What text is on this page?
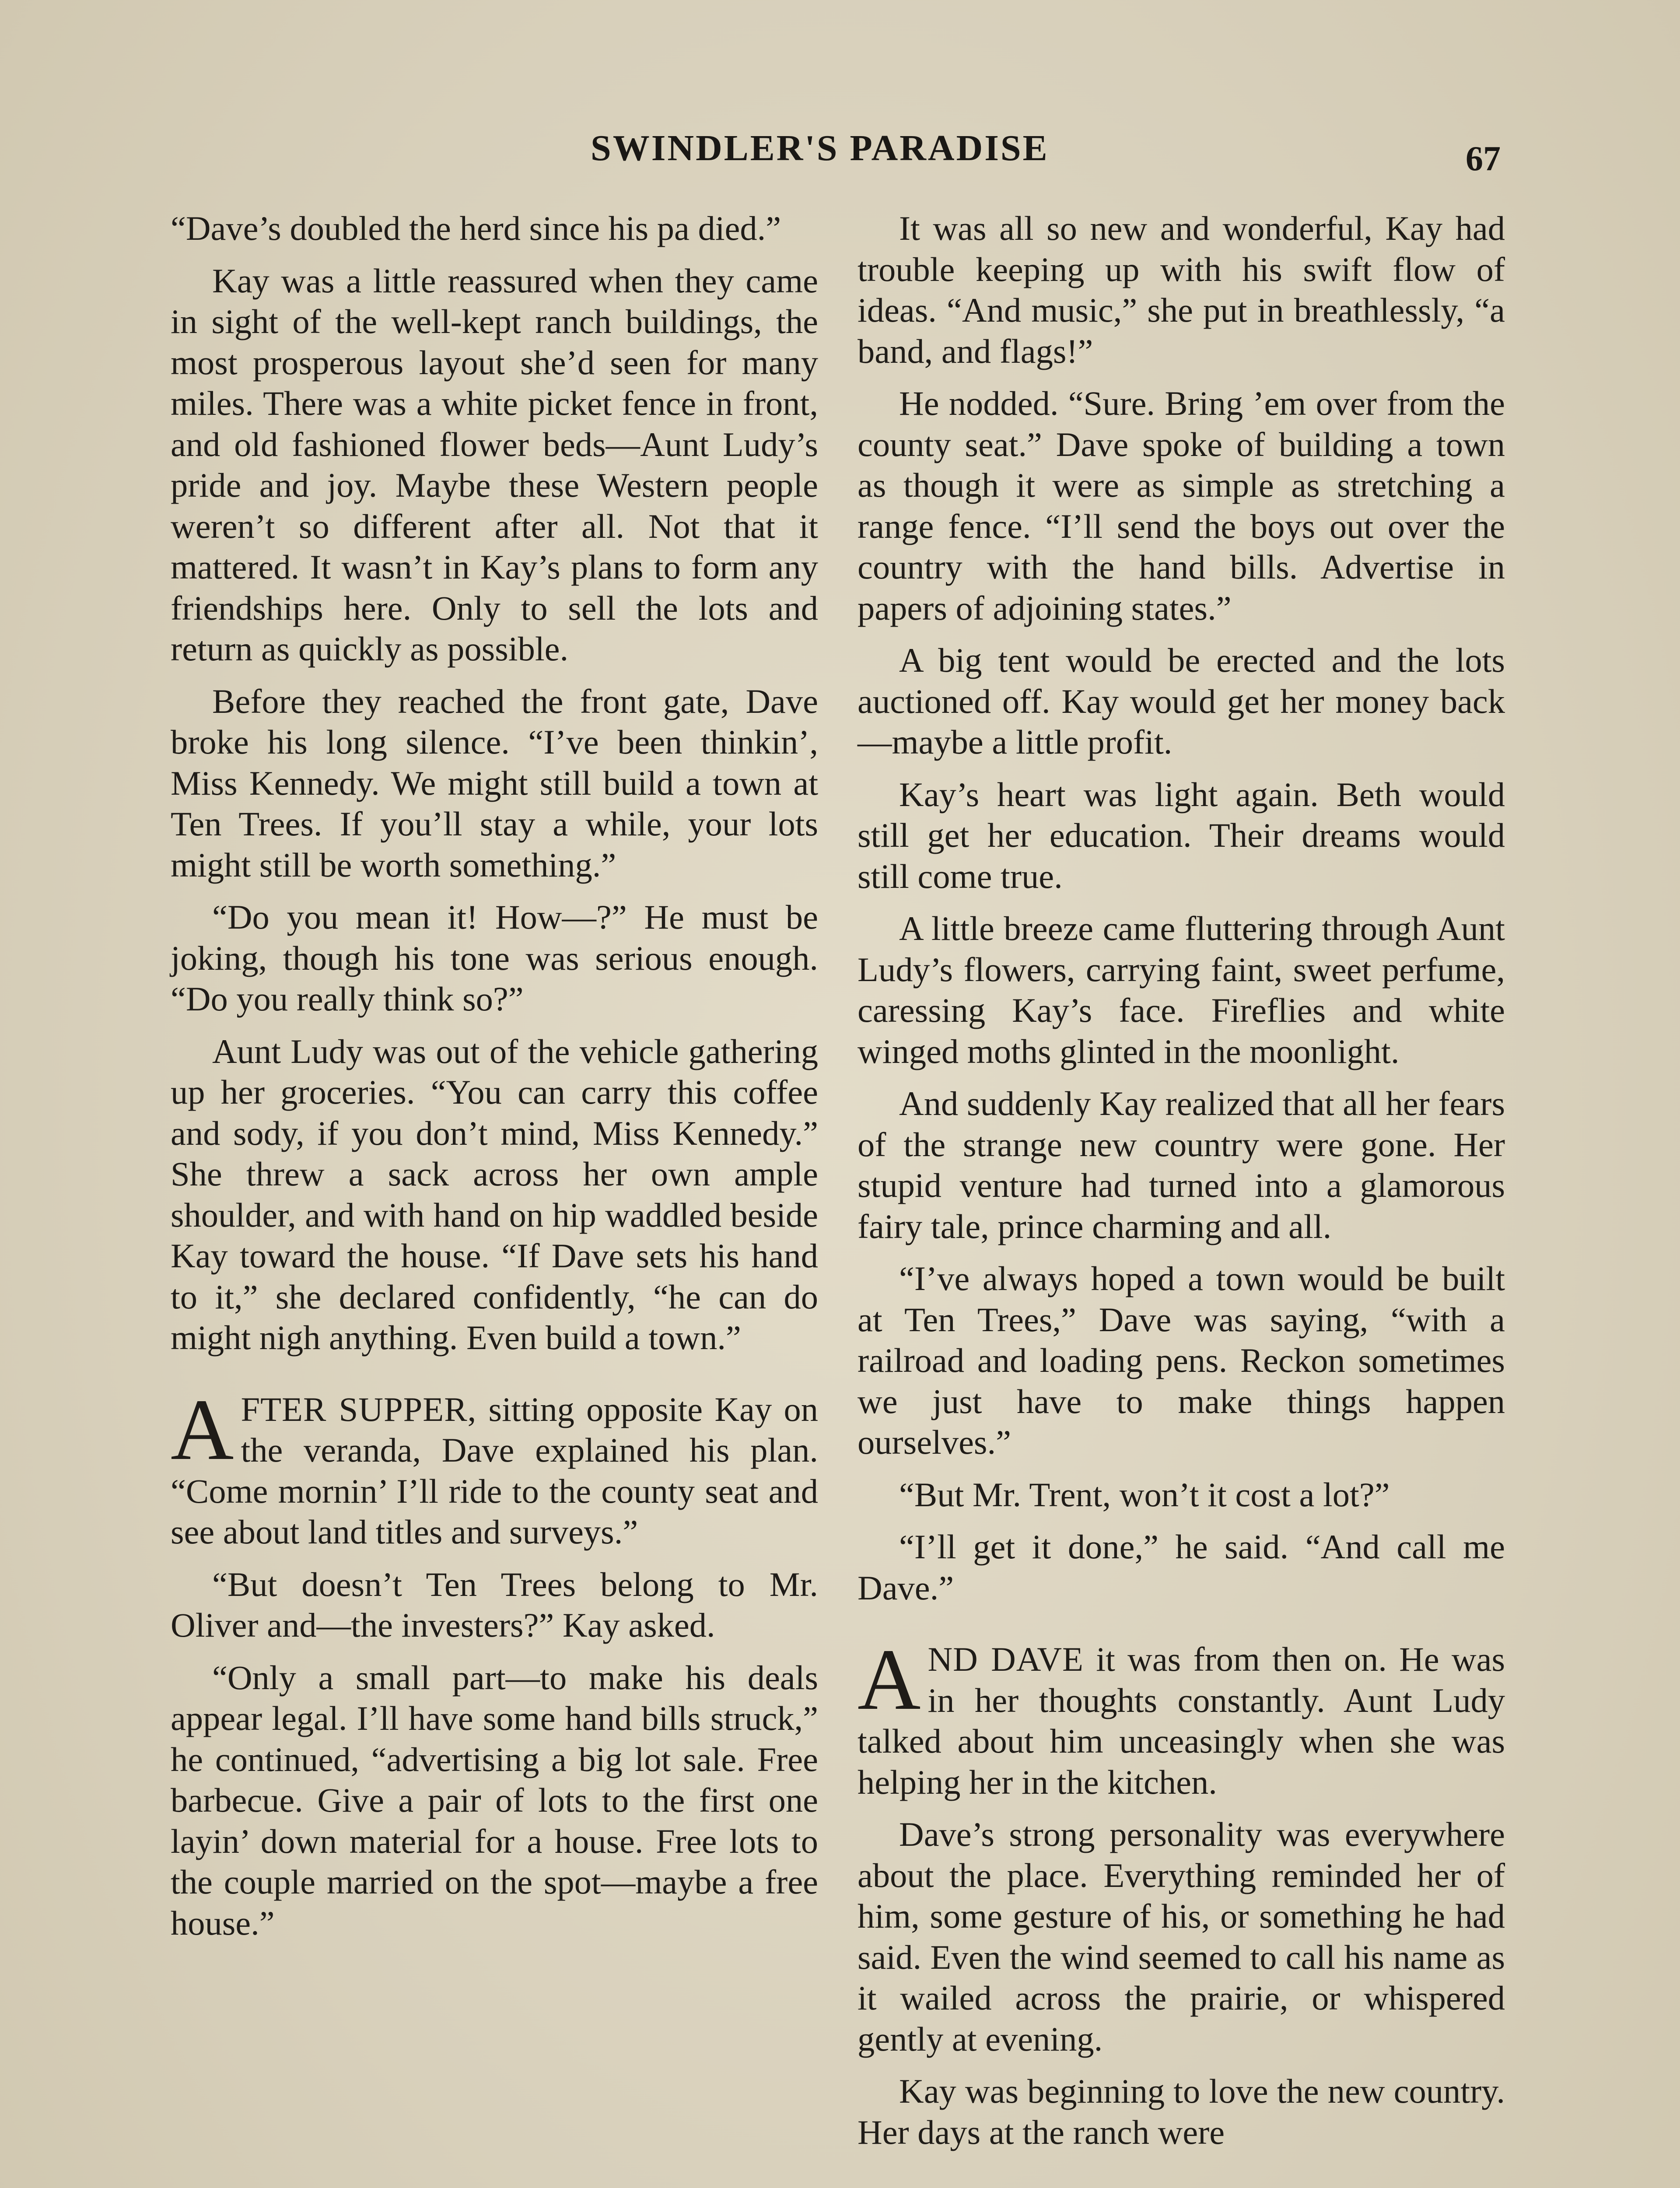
SWINDLER'S PARADISE	67

“Dave’s doubled the herd since his pa died.”

Kay was a little reassured when they came in sight of the well-kept ranch buildings, the most prosperous layout she’d seen for many miles. There was a white picket fence in front, and old fashioned flower beds—Aunt Ludy’s pride and joy. Maybe these Western people weren’t so different after all. Not that it mattered. It wasn’t in Kay’s plans to form any friendships here. Only to sell the lots and return as quickly as possible.

Before they reached the front gate, Dave broke his long silence. “I’ve been thinkin’, Miss Kennedy. We might still build a town at Ten Trees. If you’ll stay a while, your lots might still be worth something.”

“Do you mean it! How—?” He must be joking, though his tone was serious enough. “Do you really think so?”

Aunt Ludy was out of the vehicle gathering up her groceries. “You can carry this coffee and sody, if you don’t mind, Miss Kennedy.” She threw a sack across her own ample shoulder, and with hand on hip waddled beside Kay toward the house. “If Dave sets his hand to it,” she declared confidently, “he can do might nigh anything. Even build a town.”

AFTER SUPPER, sitting opposite Kay on the veranda, Dave explained his plan. “Come mornin’ I’ll ride to the county seat and see about land titles and surveys.”

“But doesn’t Ten Trees belong to Mr. Oliver and—the investers?” Kay asked.

“Only a small part—to make his deals appear legal. I’ll have some hand bills struck,” he continued, “advertising a big lot sale. Free barbecue. Give a pair of lots to the first one layin’ down material for a house. Free lots to the couple married on the spot—maybe a free house.”

It was all so new and wonderful, Kay had trouble keeping up with his swift flow of ideas. “And music,” she put in breathlessly, “a band, and flags!”

He nodded. “Sure. Bring ’em over from the county seat.” Dave spoke of building a town as though it were as simple as stretching a range fence. “I’ll send the boys out over the country with the hand bills. Advertise in papers of adjoining states.”

A big tent would be erected and the lots auctioned off. Kay would get her money back—maybe a little profit.

Kay’s heart was light again. Beth would still get her education. Their dreams would still come true.

A little breeze came fluttering through Aunt Ludy’s flowers, carrying faint, sweet perfume, caressing Kay’s face. Fireflies and white winged moths glinted in the moonlight.

And suddenly Kay realized that all her fears of the strange new country were gone. Her stupid venture had turned into a glamorous fairy tale, prince charming and all.

“I’ve always hoped a town would be built at Ten Trees,” Dave was saying, “with a railroad and loading pens. Reckon sometimes we just have to make things happen ourselves.”

“But Mr. Trent, won’t it cost a lot?”

“I’ll get it done,” he said. “And call me Dave.”

AND DAVE it was from then on. He was in her thoughts constantly. Aunt Ludy talked about him unceasingly when she was helping her in the kitchen.

Dave’s strong personality was everywhere about the place. Everything reminded her of him, some gesture of his, or something he had said. Even the wind seemed to call his name as it wailed across the prairie, or whispered gently at evening.

Kay was beginning to love the new country. Her days at the ranch were
